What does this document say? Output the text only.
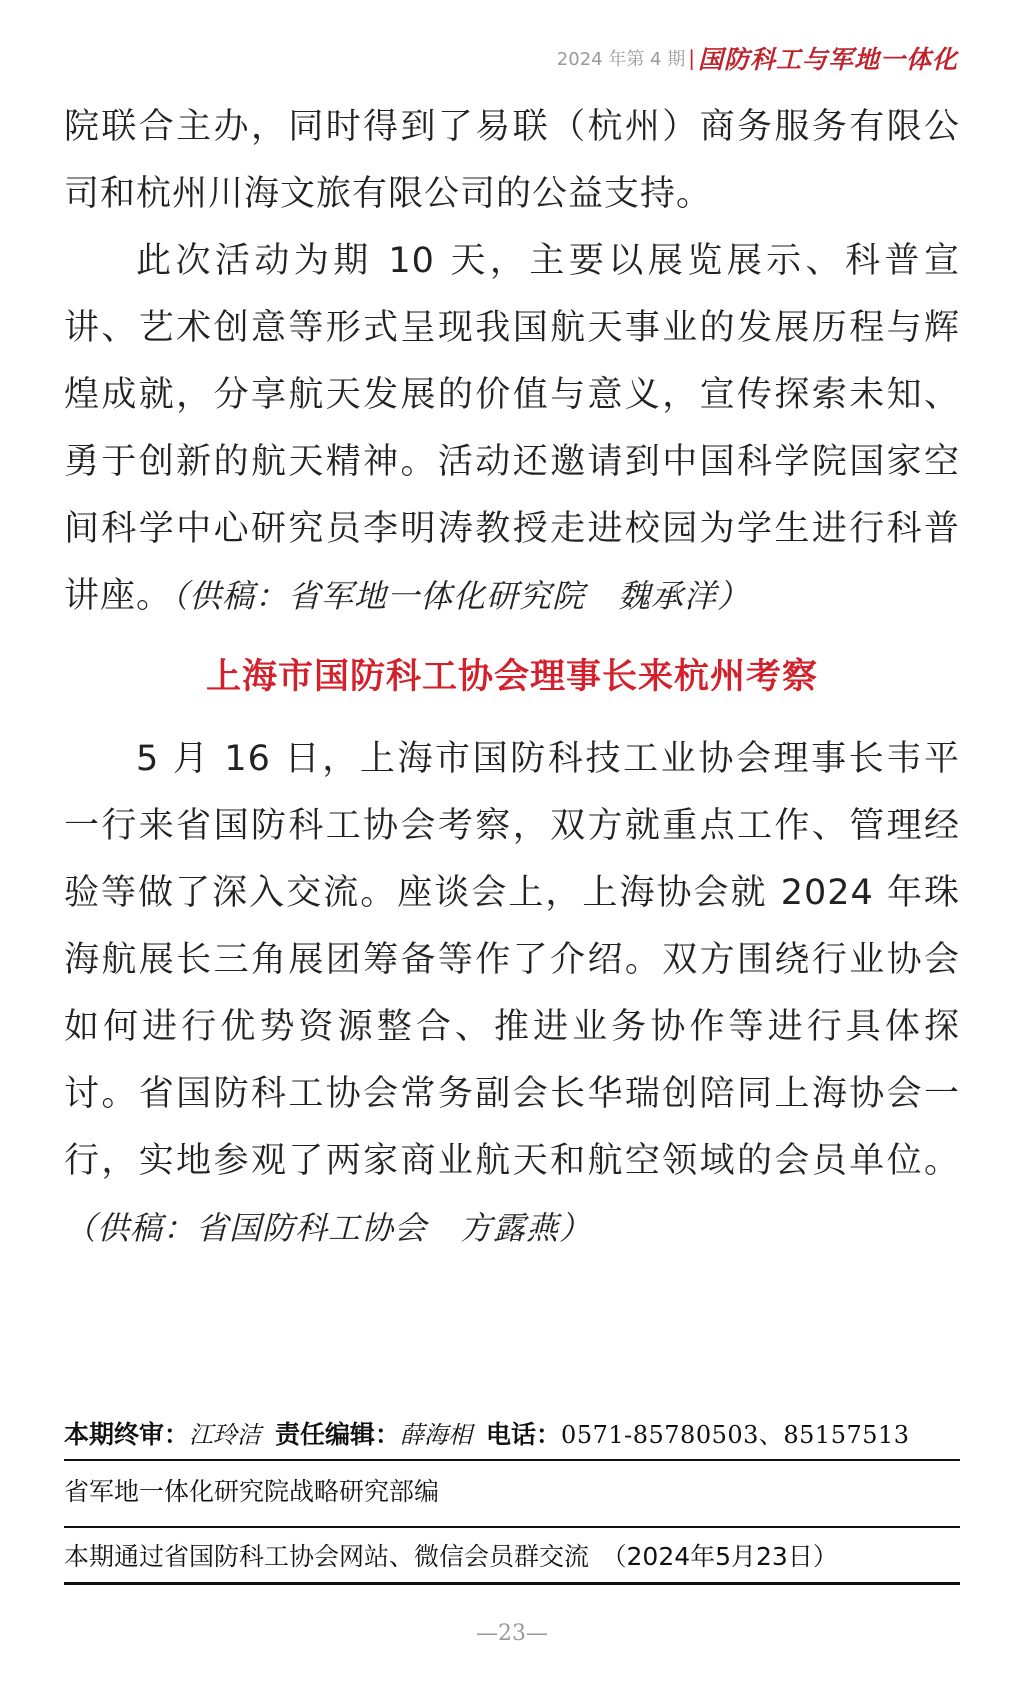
2024 年第 4 期 | 国防科工与军地一体化

院联合主办，同时得到了易联（杭州）商务服务有限公司和杭州川海文旅有限公司的公益支持。

此次活动为期 10 天，主要以展览展示、科普宣讲、艺术创意等形式呈现我国航天事业的发展历程与辉煌成就，分享航天发展的价值与意义，宣传探索未知、勇于创新的航天精神。活动还邀请到中国科学院国家空间科学中心研究员李明涛教授走进校园为学生进行科普讲座。（供稿：省军地一体化研究院　魏承洋）

上海市国防科工协会理事长来杭州考察

5 月 16 日，上海市国防科技工业协会理事长韦平一行来省国防科工协会考察，双方就重点工作、管理经验等做了深入交流。座谈会上，上海协会就 2024 年珠海航展长三角展团筹备等作了介绍。双方围绕行业协会如何进行优势资源整合、推进业务协作等进行具体探讨。省国防科工协会常务副会长华瑞创陪同上海协会一行，实地参观了两家商业航天和航空领域的会员单位。（供稿：省国防科工协会　方露燕）

本期终审：江玲洁 责任编辑：薛海相 电话：0571-85780503、85157513
省军地一体化研究院战略研究部编
本期通过省国防科工协会网站、微信会员群交流　（2024年5月23日）
—23—
